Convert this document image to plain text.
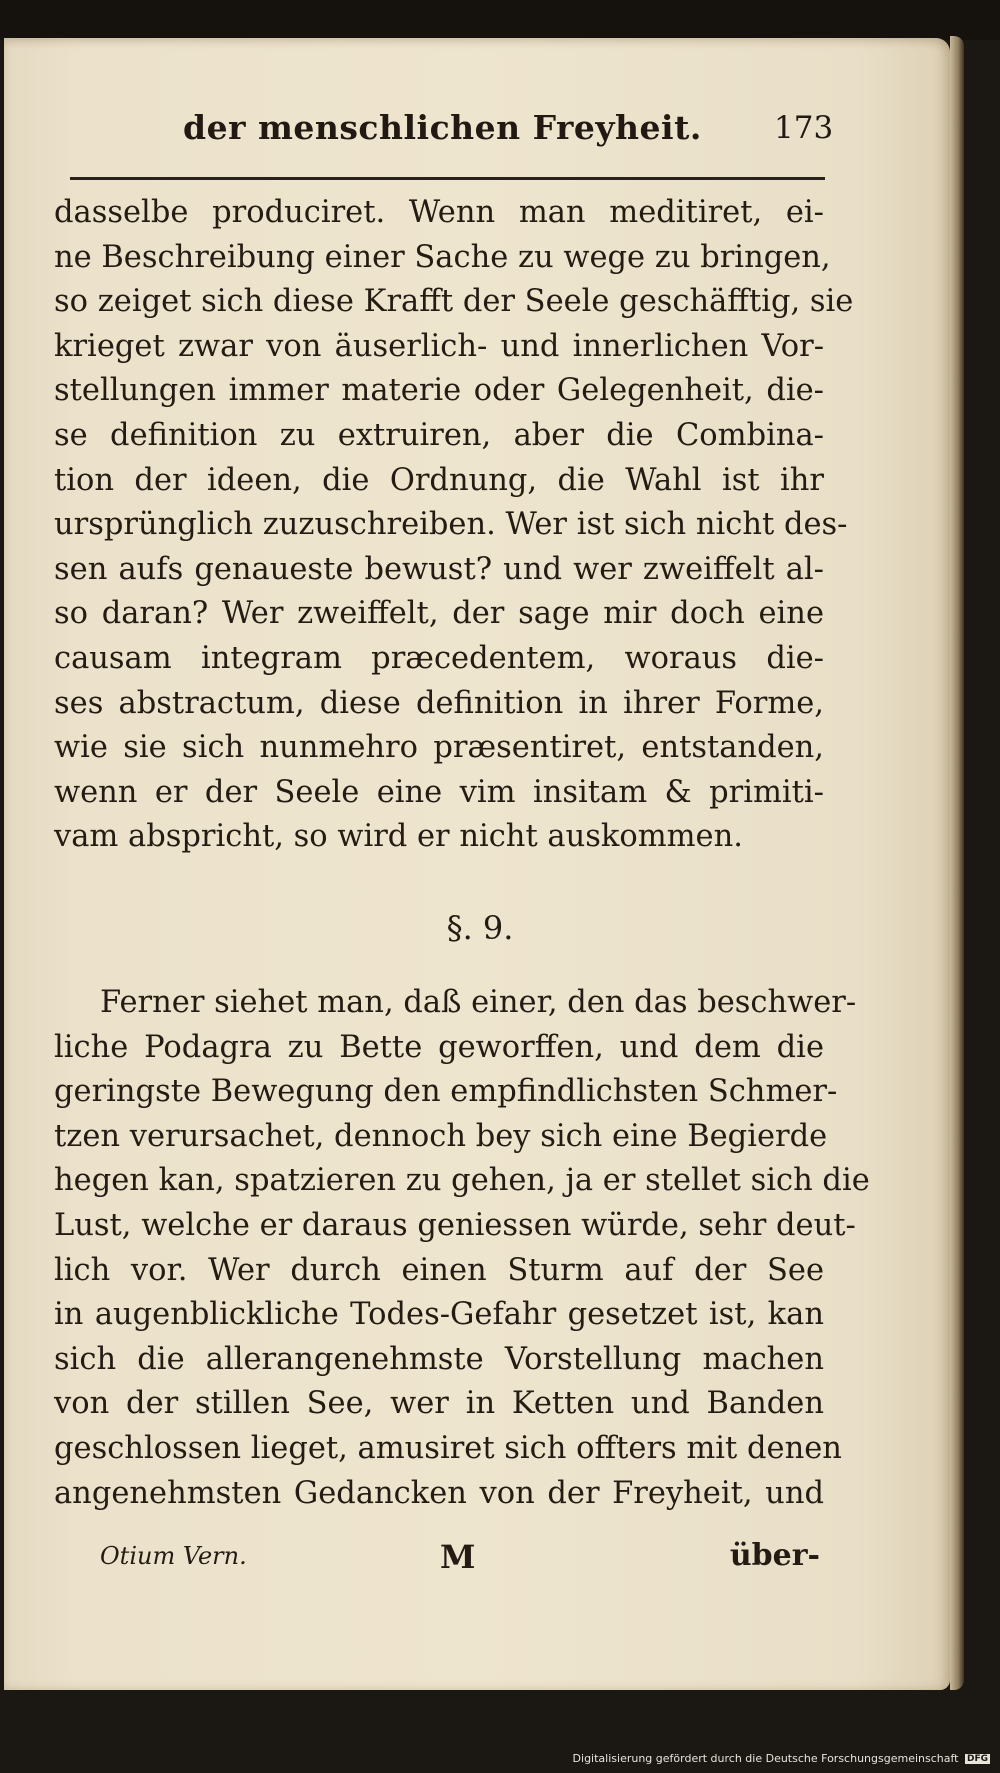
der menschlichen Freyheit. 173
dasselbe produciret. Wenn man meditiret, ei-
ne Beschreibung einer Sache zu wege zu bringen,
so zeiget sich diese Krafft der Seele geschäfftig, sie
krieget zwar von äuserlich- und innerlichen Vor-
stellungen immer materie oder Gelegenheit, die-
se definition zu extruiren, aber die Combina-
tion der ideen, die Ordnung, die Wahl ist ihr
ursprünglich zuzuschreiben. Wer ist sich nicht des-
sen aufs genaueste bewust? und wer zweiffelt al-
so daran? Wer zweiffelt, der sage mir doch eine
causam integram præcedentem, woraus die-
ses abstractum, diese definition in ihrer Forme,
wie sie sich nunmehro præsentiret, entstanden,
wenn er der Seele eine vim insitam & primiti-
vam abspricht, so wird er nicht auskommen.
§. 9.
Ferner siehet man, daß einer, den das beschwer-
liche Podagra zu Bette geworffen, und dem die
geringste Bewegung den empfindlichsten Schmer-
tzen verursachet, dennoch bey sich eine Begierde
hegen kan, spatzieren zu gehen, ja er stellet sich die
Lust, welche er daraus geniessen würde, sehr deut-
lich vor. Wer durch einen Sturm auf der See
in augenblickliche Todes-Gefahr gesetzet ist, kan
sich die allerangenehmste Vorstellung machen
von der stillen See, wer in Ketten und Banden
geschlossen lieget, amusiret sich offters mit denen
angenehmsten Gedancken von der Freyheit, und
Otium Vern.	M	über-
Digitalisierung gefördert durch die Deutsche Forschungsgemeinschaft DFG
